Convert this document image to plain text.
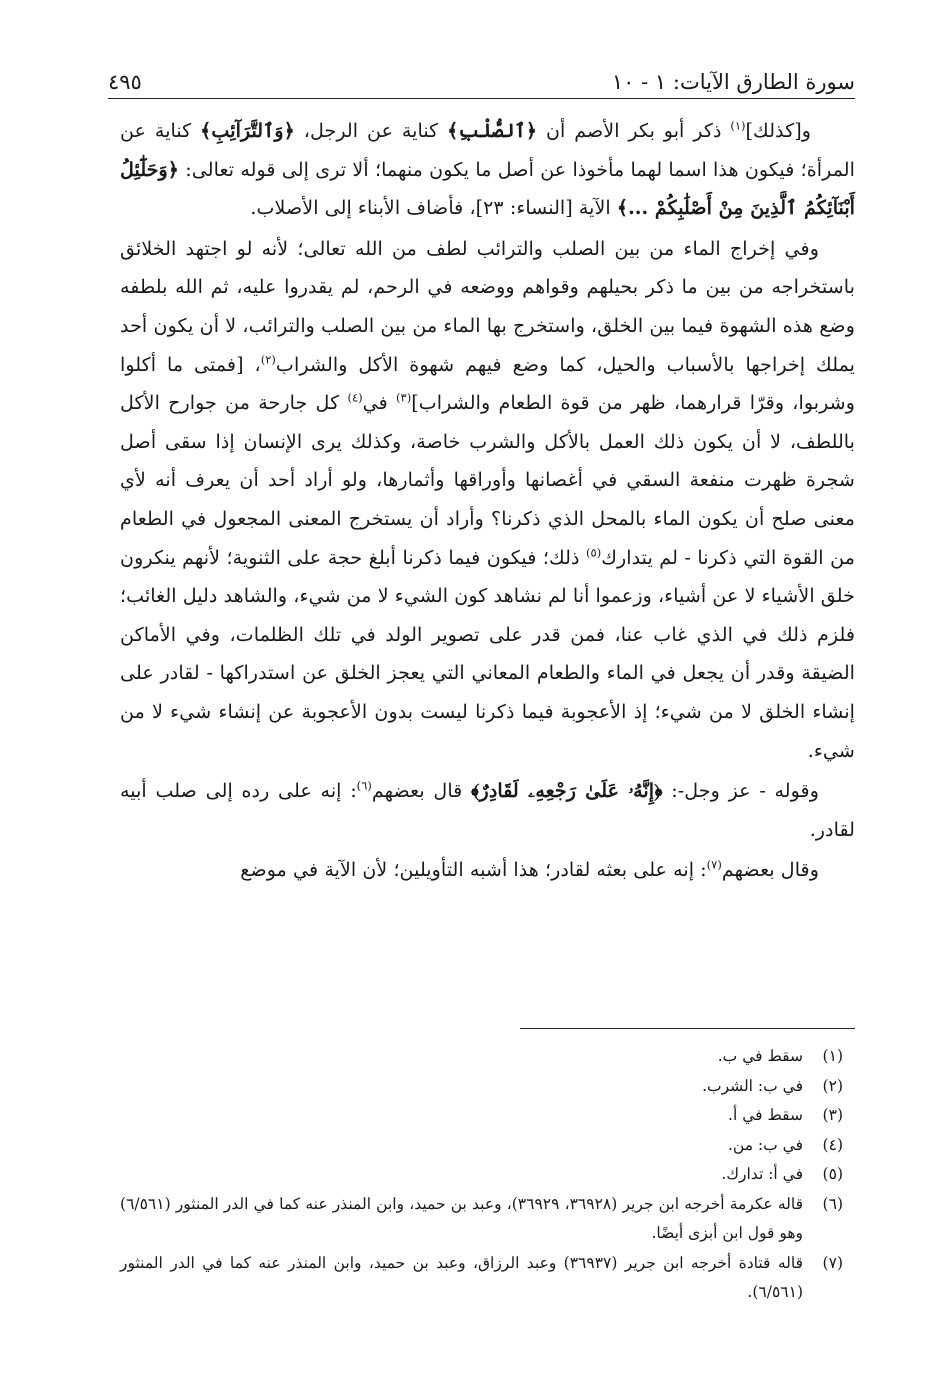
سورة الطارق الآيات: ١ - ١٠
٤٩٥

و[كذلك]$^{(١)}$ ذكر أبو بكر الأصم أن ﴿ٱلصُّلْبِ﴾ كناية عن الرجل، ﴿وَٱلتَّرَآئِبِ﴾ كناية عن المرأة؛ فيكون هذا اسما لهما مأخوذا عن أصل ما يكون منهما؛ ألا ترى إلى قوله تعالى: ﴿وَحَلَٰٓئِلُ أَبْنَآئِكُمُ ٱلَّذِينَ مِنْ أَصْلَٰبِكُمْ ...﴾ الآية [النساء: ٢٣]، فأضاف الأبناء إلى الأصلاب.

وفي إخراج الماء من بين الصلب والترائب لطف من الله تعالى؛ لأنه لو اجتهد الخلائق باستخراجه من بين ما ذكر بحيلهم وقواهم ووضعه في الرحم، لم يقدروا عليه، ثم الله بلطفه وضع هذه الشهوة فيما بين الخلق، واستخرج بها الماء من بين الصلب والترائب، لا أن يكون أحد يملك إخراجها بالأسباب والحيل، كما وضع فيهم شهوة الأكل والشراب$^{(٢)}$، [فمتى ما أكلوا وشربوا، وقرّا قرارهما، ظهر من قوة الطعام والشراب]$^{(٣)}$ في$^{(٤)}$ كل جارحة من جوارح الأكل باللطف، لا أن يكون ذلك العمل بالأكل والشرب خاصة، وكذلك يرى الإنسان إذا سقى أصل شجرة ظهرت منفعة السقي في أغصانها وأوراقها وأثمارها، ولو أراد أحد أن يعرف أنه لأي معنى صلح أن يكون الماء بالمحل الذي ذكرنا؟ وأراد أن يستخرج المعنى المجعول في الطعام من القوة التي ذكرنا - لم يتدارك$^{(٥)}$ ذلك؛ فيكون فيما ذكرنا أبلغ حجة على الثنوية؛ لأنهم ينكرون خلق الأشياء لا عن أشياء، وزعموا أنا لم نشاهد كون الشيء لا من شيء، والشاهد دليل الغائب؛ فلزم ذلك في الذي غاب عنا، فمن قدر على تصوير الولد في تلك الظلمات، وفي الأماكن الضيقة وقدر أن يجعل في الماء والطعام المعاني التي يعجز الخلق عن استدراكها - لقادر على إنشاء الخلق لا من شيء؛ إذ الأعجوبة فيما ذكرنا ليست بدون الأعجوبة عن إنشاء شيء لا من شيء.

وقوله - عز وجل-: ﴿إِنَّهُۥ عَلَىٰ رَجْعِهِۦ لَقَادِرٌ﴾ قال بعضهم$^{(٦)}$: إنه على رده إلى صلب أبيه لقادر.

وقال بعضهم$^{(٧)}$: إنه على بعثه لقادر؛ هذا أشبه التأويلين؛ لأن الآية في موضع

(١)
سقط في ب.
(٢)
في ب: الشرب.
(٣)
سقط في أ.
(٤)
في ب: من.
(٥)
في أ: تدارك.
(٦)
قاله عكرمة أخرجه ابن جرير (٣٦٩٢٨، ٣٦٩٢٩)، وعبد بن حميد، وابن المنذر عنه كما في الدر المنثور (٦/٥٦١) وهو قول ابن أبزى أيضًا.
(٧)
قاله قتادة أخرجه ابن جرير (٣٦٩٣٧) وعبد الرزاق، وعبد بن حميد، وابن المنذر عنه كما في الدر المنثور (٦/٥٦١).
